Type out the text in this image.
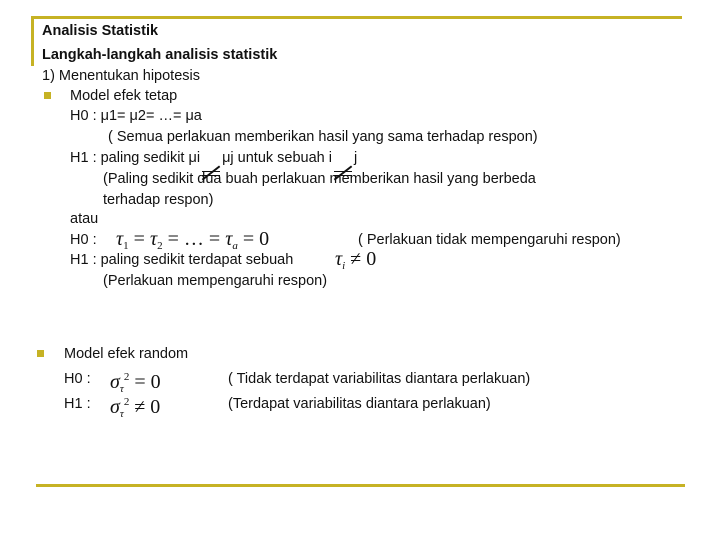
Analisis Statistik
Langkah-langkah analisis statistik
1) Menentukan hipotesis
Model efek tetap
H0 : μ1= μ2= …= μa
( Semua perlakuan memberikan hasil yang sama terhadap respon)
H1 : paling sedikit μi μj untuk sebuah i j
(Paling sedikit dua buah perlakuan memberikan hasil yang berbeda
terhadap respon)
atau
H0 : $\tau_1 = \tau_2$ = … = $\tau_a = 0$	( Perlakuan tidak mempengaruhi respon)
H1 : paling sedikit terdapat sebuah $\tau_i \ne 0$
(Perlakuan mempengaruhi respon)
Model efek random
H0 : $\sigma_\tau^2 = 0$	( Tidak terdapat variabilitas diantara perlakuan)
H1 : $\sigma_\tau^2 \ne 0$	(Terdapat variabilitas diantara perlakuan)
